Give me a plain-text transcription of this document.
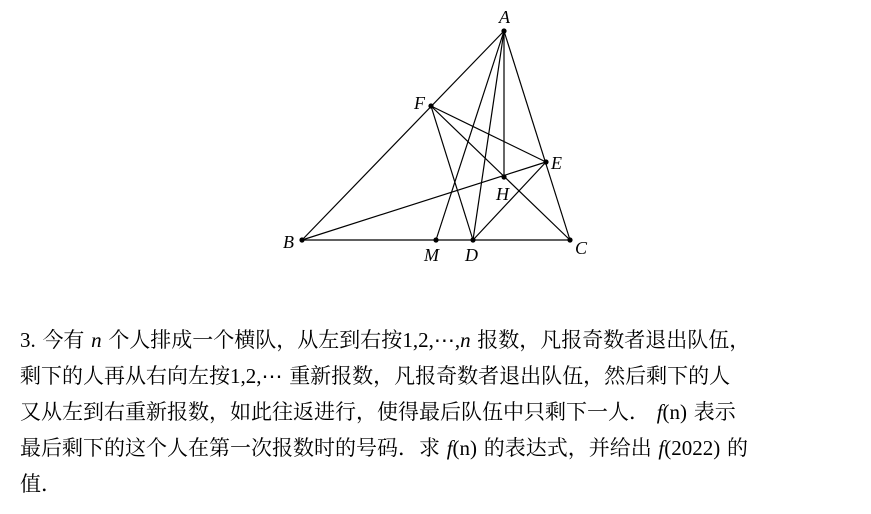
A
F
E
H
B
M D	C

3. 今有 n 个人排成一个横队，从左到右按1,2,⋯,n 报数，凡报奇数者退出队伍，

剩下的人再从右向左按1,2,⋯ 重新报数，凡报奇数者退出队伍，然后剩下的人

又从左到右重新报数，如此往返进行，使得最后队伍中只剩下一人． f(n) 表示

最后剩下的这个人在第一次报数时的号码．求 f(n) 的表达式，并给出 f(2022) 的

值．
